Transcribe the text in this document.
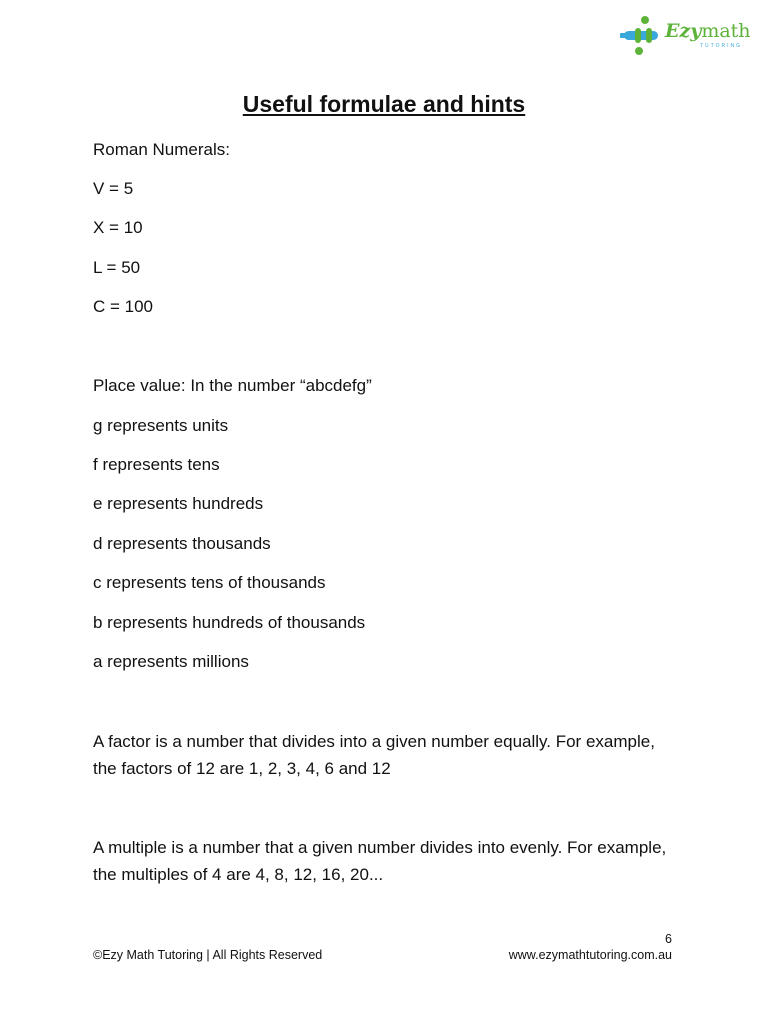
Ezymath
TUTORING
Useful formulae and hints
Roman Numerals:
V = 5
X = 10
L = 50
C = 100
Place value: In the number “abcdefg”
g represents units
f represents tens
e represents hundreds
d represents thousands
c represents tens of thousands
b represents hundreds of thousands
a represents millions
A factor is a number that divides into a given number equally. For example, the factors of 12 are 1, 2, 3, 4, 6 and 12
A multiple is a number that a given number divides into evenly. For example, the multiples of 4 are 4, 8, 12, 16, 20...
6
©Ezy Math Tutoring | All Rights Reserved	www.ezymathtutoring.com.au
